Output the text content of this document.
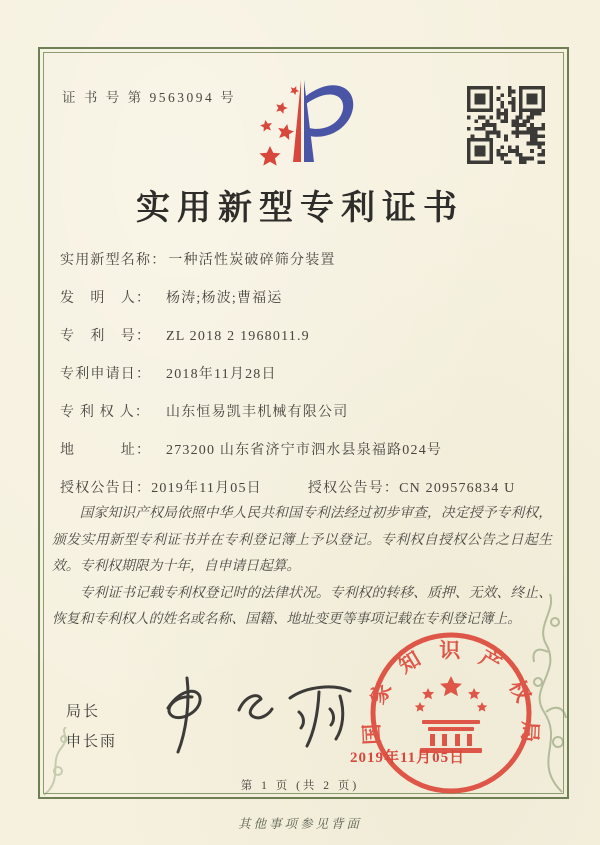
证 书 号 第 9563094 号
实用新型专利证书
实用新型名称： 一种活性炭破碎筛分装置
发　明　人： 杨涛;杨波;曹福运
专　利　号： ZL 2018 2 1968011.9
专利申请日： 2018年11月28日
专 利 权 人： 山东恒易凯丰机械有限公司
地　　　址： 273200 山东省济宁市泗水县泉福路024号
授权公告日：2019年11月05日	授权公告号：CN 209576834 U

国家知识产权局依照中华人民共和国专利法经过初步审查，决定授予专利权，颁发实用新型专利证书并在专利登记簿上予以登记。专利权自授权公告之日起生效。专利权期限为十年，自申请日起算。

专利证书记载专利权登记时的法律状况。专利权的转移、质押、无效、终止、恢复和专利权人的姓名或名称、国籍、地址变更等事项记载在专利登记簿上。

局长
申长雨	国家知识产权局
2019年11月05日
第 1 页 (共 2 页)
其他事项参见背面
